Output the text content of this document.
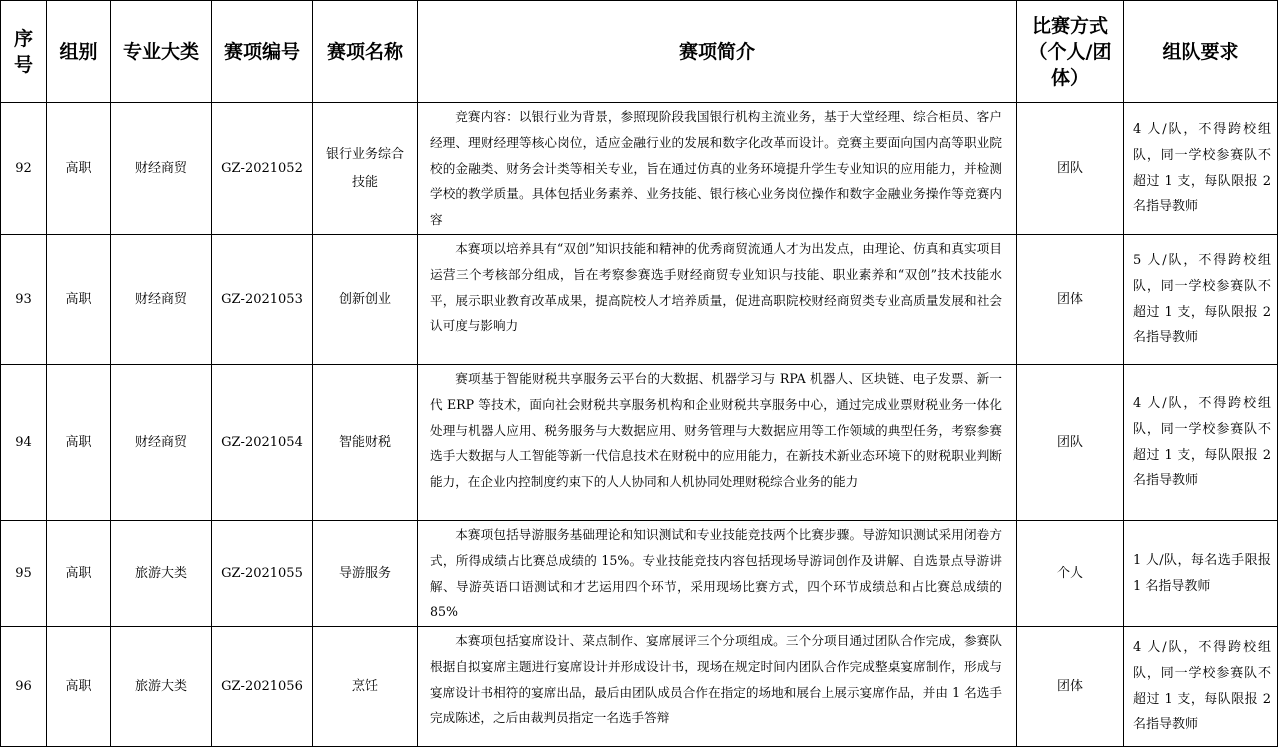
序号	组别	专业大类	赛项编号	赛项名称	赛项简介	比赛方式（个人/团体）	组队要求
92	高职	财经商贸	GZ-2021052	银行业务综合技能	竞赛内容：以银行业为背景，参照现阶段我国银行机构主流业务，基于大堂经理、综合柜员、客户经理、理财经理等核心岗位，适应金融行业的发展和数字化改革而设计。竞赛主要面向国内高等职业院校的金融类、财务会计类等相关专业，旨在通过仿真的业务环境提升学生专业知识的应用能力，并检测学校的教学质量。具体包括业务素养、业务技能、银行核心业务岗位操作和数字金融业务操作等竞赛内容	团队	4 人/队，不得跨校组队，同一学校参赛队不超过 1 支，每队限报 2 名指导教师
93	高职	财经商贸	GZ-2021053	创新创业	本赛项以培养具有“双创”知识技能和精神的优秀商贸流通人才为出发点，由理论、仿真和真实项目运营三个考核部分组成，旨在考察参赛选手财经商贸专业知识与技能、职业素养和“双创”技术技能水平，展示职业教育改革成果，提高院校人才培养质量，促进高职院校财经商贸类专业高质量发展和社会认可度与影响力	团体	5 人/队，不得跨校组队，同一学校参赛队不超过 1 支，每队限报 2 名指导教师
94	高职	财经商贸	GZ-2021054	智能财税	赛项基于智能财税共享服务云平台的大数据、机器学习与 RPA 机器人、区块链、电子发票、新一代 ERP 等技术，面向社会财税共享服务机构和企业财税共享服务中心，通过完成业票财税业务一体化处理与机器人应用、税务服务与大数据应用、财务管理与大数据应用等工作领域的典型任务，考察参赛选手大数据与人工智能等新一代信息技术在财税中的应用能力，在新技术新业态环境下的财税职业判断能力，在企业内控制度约束下的人人协同和人机协同处理财税综合业务的能力	团队	4 人/队，不得跨校组队，同一学校参赛队不超过 1 支，每队限报 2 名指导教师
95	高职	旅游大类	GZ-2021055	导游服务	本赛项包括导游服务基础理论和知识测试和专业技能竞技两个比赛步骤。导游知识测试采用闭卷方式，所得成绩占比赛总成绩的 15%。专业技能竞技内容包括现场导游词创作及讲解、自选景点导游讲解、导游英语口语测试和才艺运用四个环节，采用现场比赛方式，四个环节成绩总和占比赛总成绩的 85%	个人	1 人/队，每名选手限报 1 名指导教师
96	高职	旅游大类	GZ-2021056	烹饪	本赛项包括宴席设计、菜点制作、宴席展评三个分项组成。三个分项目通过团队合作完成，参赛队根据自拟宴席主题进行宴席设计并形成设计书，现场在规定时间内团队合作完成整桌宴席制作，形成与宴席设计书相符的宴席出品，最后由团队成员合作在指定的场地和展台上展示宴席作品，并由 1 名选手完成陈述，之后由裁判员指定一名选手答辩	团体	4 人/队，不得跨校组队，同一学校参赛队不超过 1 支，每队限报 2 名指导教师
